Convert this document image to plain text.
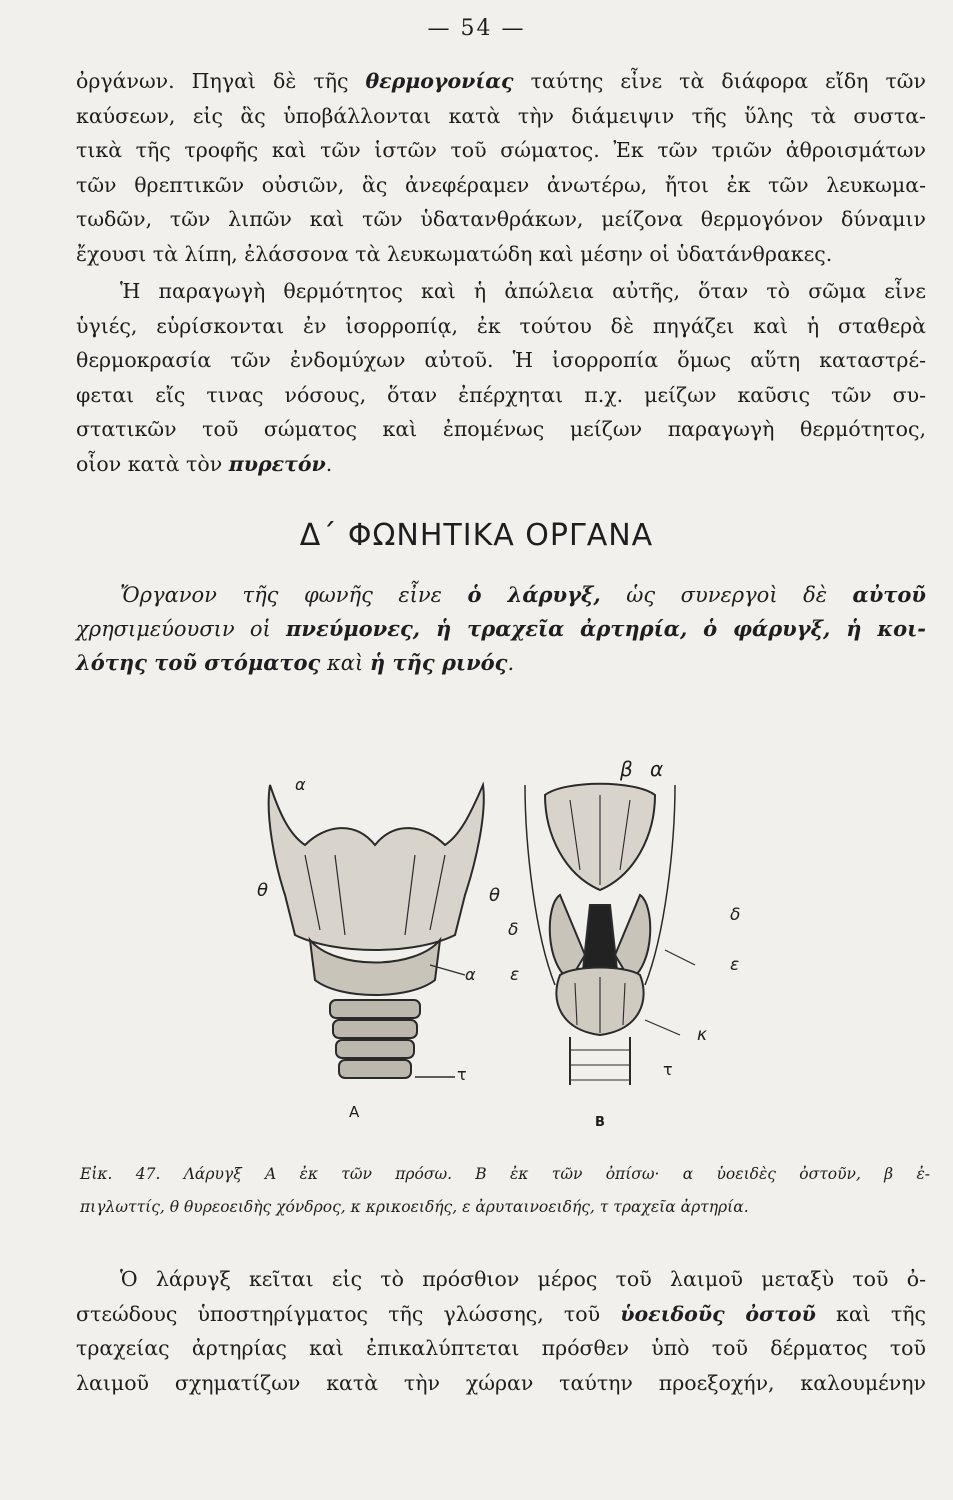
— 54 —
ὀργάνων. Πηγαὶ δὲ τῆς θερμογονίας ταύτης εἶνε τὰ διάφορα εἴδη τῶν
καύσεων, εἰς ἃς ὑποβάλλονται κατὰ τὴν διάμειψιν τῆς ὕλης τὰ συστα-
τικὰ τῆς τροφῆς καὶ τῶν ἱστῶν τοῦ σώματος. Ἐκ τῶν τριῶν ἀθροισμάτων
τῶν θρεπτικῶν οὐσιῶν, ἃς ἀνεφέραμεν ἀνωτέρω, ἤτοι ἐκ τῶν λευκωμα-
τωδῶν, τῶν λιπῶν καὶ τῶν ὑδατανθράκων, μείζονα θερμογόνον δύναμιν
ἔχουσι τὰ λίπη, ἐλάσσονα τὰ λευκωματώδη καὶ μέσην οἱ ὑδατάνθρακες.
Ἡ παραγωγὴ θερμότητος καὶ ἡ ἀπώλεια αὐτῆς, ὅταν τὸ σῶμα εἶνε
ὑγιές, εὑρίσκονται ἐν ἰσορροπίᾳ, ἐκ τούτου δὲ πηγάζει καὶ ἡ σταθερὰ
θερμοκρασία τῶν ἐνδομύχων αὐτοῦ. Ἡ ἰσορροπία ὅμως αὕτη καταστρέ-
φεται εἴς τινας νόσους, ὅταν ἐπέρχηται π.χ. μείζων καῦσις τῶν συ-
στατικῶν τοῦ σώματος καὶ ἐπομένως μείζων παραγωγὴ θερμότητος,
οἷον κατὰ τὸν πυρετόν.
Δ΄ ΦΩΝΗΤΙΚΑ ΟΡΓΑΝΑ
Ὄργανον τῆς φωνῆς εἶνε ὁ λάρυγξ, ὡς συνεργοὶ δὲ αὐτοῦ
χρησιμεύουσιν οἱ πνεύμονες, ἡ τραχεῖα ἀρτηρία, ὁ φάρυγξ, ἡ κοι-
λότης τοῦ στόματος καὶ ἡ τῆς ρινός.
α
θ	θ
α
τ
A
β α
δ
δ
ε	ε
κ
τ
B
Εἰκ. 47. Λάρυγξ Α ἐκ τῶν πρόσω. Β ἐκ τῶν ὀπίσω· α ὑοειδὲς ὀστοῦν, β ἐ-
πιγλωττίς, θ θυρεοειδὴς χόνδρος, κ κρικοειδής, ε ἀρυταινοειδής, τ τραχεῖα ἀρτηρία.
Ὁ λάρυγξ κεῖται εἰς τὸ πρόσθιον μέρος τοῦ λαιμοῦ μεταξὺ τοῦ ὀ-
στεώδους ὑποστηρίγματος τῆς γλώσσης, τοῦ ὑοειδοῦς ὀστοῦ καὶ τῆς
τραχείας ἀρτηρίας καὶ ἐπικαλύπτεται πρόσθεν ὑπὸ τοῦ δέρματος τοῦ
λαιμοῦ σχηματίζων κατὰ τὴν χώραν ταύτην προεξοχήν, καλουμένην
